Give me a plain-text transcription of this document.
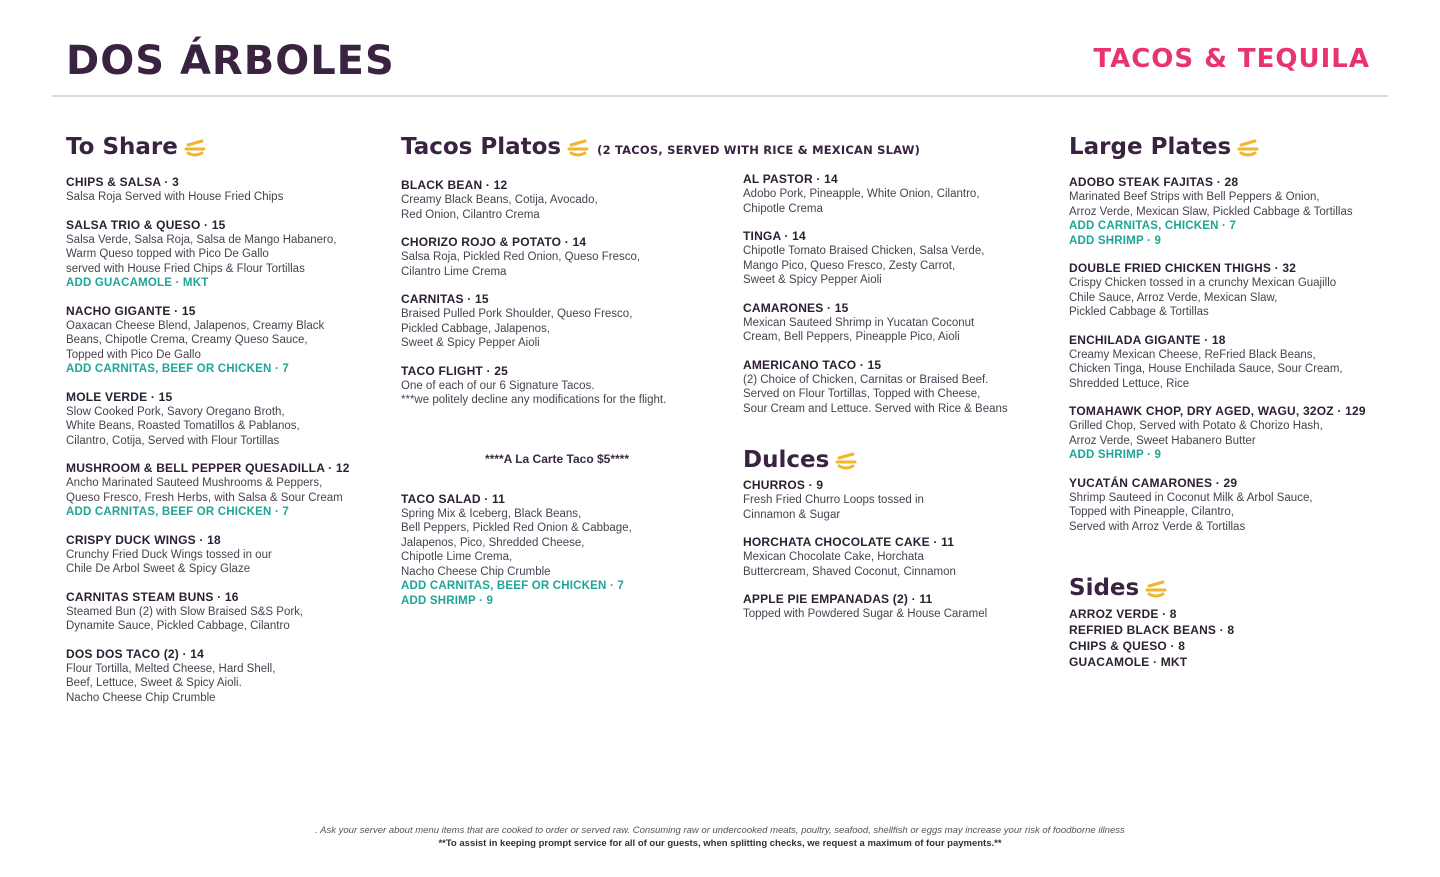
DOS ÁRBOLES	TACOS & TEQUILA
To Share
CHIPS & SALSA · 3
Salsa Roja Served with House Fried Chips
SALSA TRIO & QUESO · 15
Salsa Verde, Salsa Roja, Salsa de Mango Habanero,
Warm Queso topped with Pico De Gallo
served with House Fried Chips & Flour Tortillas
ADD GUACAMOLE · MKT
NACHO GIGANTE · 15
Oaxacan Cheese Blend, Jalapenos, Creamy Black
Beans, Chipotle Crema, Creamy Queso Sauce,
Topped with Pico De Gallo
ADD CARNITAS, BEEF OR CHICKEN · 7
MOLE VERDE · 15
Slow Cooked Pork, Savory Oregano Broth,
White Beans, Roasted Tomatillos & Pablanos,
Cilantro, Cotija, Served with Flour Tortillas
MUSHROOM & BELL PEPPER QUESADILLA · 12
Ancho Marinated Sauteed Mushrooms & Peppers,
Queso Fresco, Fresh Herbs, with Salsa & Sour Cream
ADD CARNITAS, BEEF OR CHICKEN · 7
CRISPY DUCK WINGS · 18
Crunchy Fried Duck Wings tossed in our
Chile De Arbol Sweet & Spicy Glaze
CARNITAS STEAM BUNS · 16
Steamed Bun (2) with Slow Braised S&S Pork,
Dynamite Sauce, Pickled Cabbage, Cilantro
DOS DOS TACO (2) · 14
Flour Tortilla, Melted Cheese, Hard Shell,
Beef, Lettuce, Sweet & Spicy Aioli.
Nacho Cheese Chip Crumble
Tacos Platos	(2 TACOS, SERVED WITH RICE & MEXICAN SLAW)
BLACK BEAN · 12
Creamy Black Beans, Cotija, Avocado,
Red Onion, Cilantro Crema
CHORIZO ROJO & POTATO · 14
Salsa Roja, Pickled Red Onion, Queso Fresco,
Cilantro Lime Crema
CARNITAS · 15
Braised Pulled Pork Shoulder, Queso Fresco,
Pickled Cabbage, Jalapenos,
Sweet & Spicy Pepper Aioli
TACO FLIGHT · 25
One of each of our 6 Signature Tacos.
***we politely decline any modifications for the flight.
****A La Carte Taco $5****
TACO SALAD · 11
Spring Mix & Iceberg, Black Beans,
Bell Peppers, Pickled Red Onion & Cabbage,
Jalapenos, Pico, Shredded Cheese,
Chipotle Lime Crema,
Nacho Cheese Chip Crumble
ADD CARNITAS, BEEF OR CHICKEN · 7
ADD SHRIMP · 9
AL PASTOR · 14
Adobo Pork, Pineapple, White Onion, Cilantro,
Chipotle Crema
TINGA · 14
Chipotle Tomato Braised Chicken, Salsa Verde,
Mango Pico, Queso Fresco, Zesty Carrot,
Sweet & Spicy Pepper Aioli
CAMARONES · 15
Mexican Sauteed Shrimp in Yucatan Coconut
Cream, Bell Peppers, Pineapple Pico, Aioli
AMERICANO TACO · 15
(2) Choice of Chicken, Carnitas or Braised Beef.
Served on Flour Tortillas, Topped with Cheese,
Sour Cream and Lettuce. Served with Rice & Beans
Dulces
CHURROS · 9
Fresh Fried Churro Loops tossed in
Cinnamon & Sugar
HORCHATA CHOCOLATE CAKE · 11
Mexican Chocolate Cake, Horchata
Buttercream, Shaved Coconut, Cinnamon
APPLE PIE EMPANADAS (2) · 11
Topped with Powdered Sugar & House Caramel
Large Plates
ADOBO STEAK FAJITAS · 28
Marinated Beef Strips with Bell Peppers & Onion,
Arroz Verde, Mexican Slaw, Pickled Cabbage & Tortillas
ADD CARNITAS, CHICKEN · 7
ADD SHRIMP · 9
DOUBLE FRIED CHICKEN THIGHS · 32
Crispy Chicken tossed in a crunchy Mexican Guajillo
Chile Sauce, Arroz Verde, Mexican Slaw,
Pickled Cabbage & Tortillas
ENCHILADA GIGANTE · 18
Creamy Mexican Cheese, ReFried Black Beans,
Chicken Tinga, House Enchilada Sauce, Sour Cream,
Shredded Lettuce, Rice
TOMAHAWK CHOP, DRY AGED, WAGU, 32OZ · 129
Grilled Chop, Served with Potato & Chorizo Hash,
Arroz Verde, Sweet Habanero Butter
ADD SHRIMP · 9
YUCATÁN CAMARONES · 29
Shrimp Sauteed in Coconut Milk & Arbol Sauce,
Topped with Pineapple, Cilantro,
Served with Arroz Verde & Tortillas
Sides
ARROZ VERDE · 8
REFRIED BLACK BEANS · 8
CHIPS & QUESO · 8
GUACAMOLE · MKT
. Ask your server about menu items that are cooked to order or served raw. Consuming raw or undercooked meats, poultry, seafood, shellfish or eggs may increase your risk of foodborne illness
**To assist in keeping prompt service for all of our guests, when splitting checks, we request a maximum of four payments.**
